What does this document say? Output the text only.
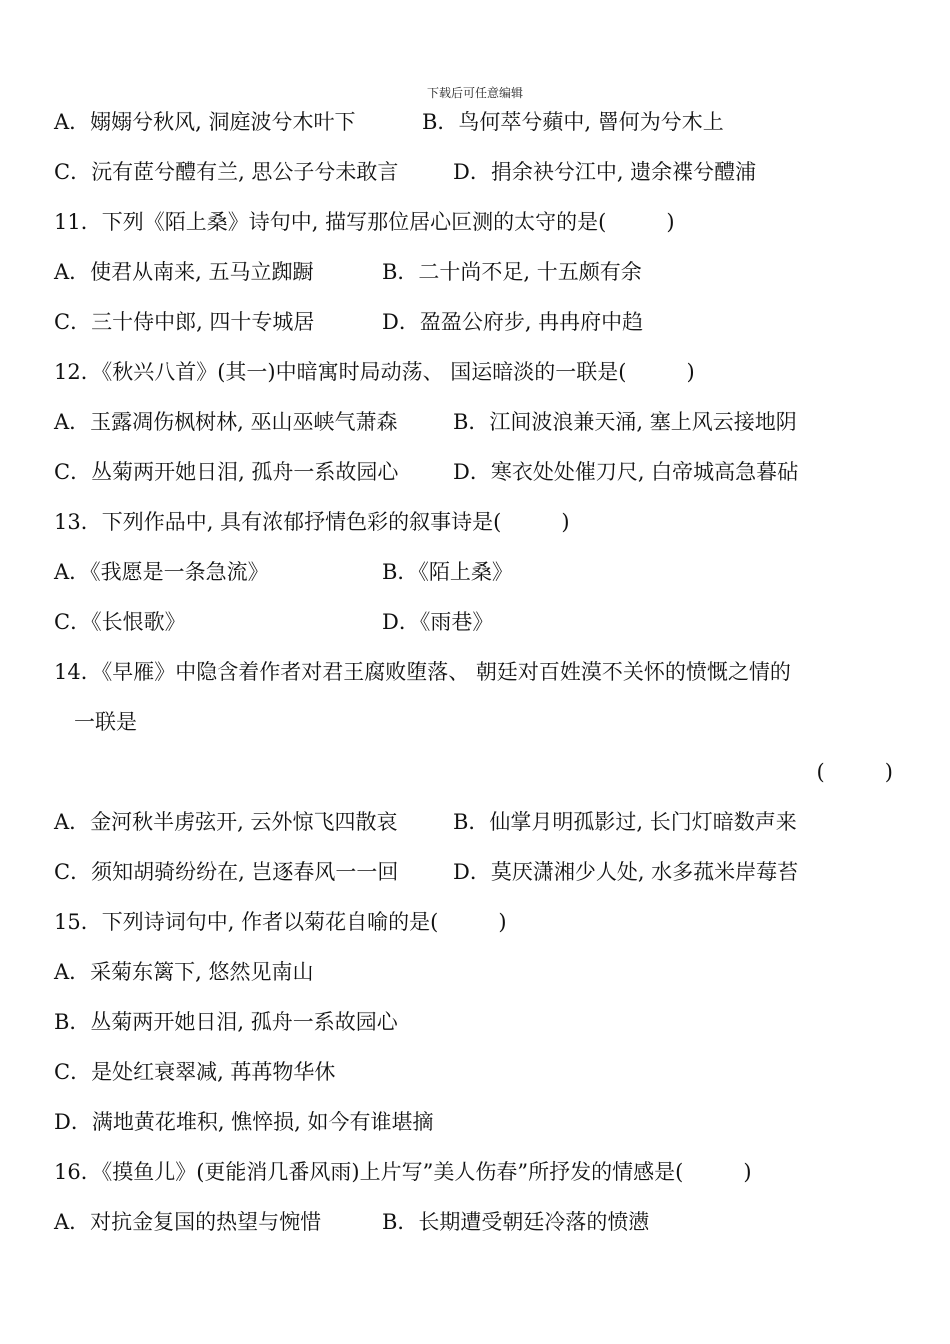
下载后可任意编辑
A．嫋嫋兮秋风, 洞庭波兮木叶下	B．鸟何萃兮蘋中, 罾何为兮木上
C．沅有茝兮醴有兰, 思公子兮未敢言	D．捐余袂兮江中, 遗余褋兮醴浦
11．下列《陌上桑》诗句中, 描写那位居心叵测的太守的是(         )
A．使君从南来, 五马立踟蹰	B．二十尚不足, 十五颇有余
C．三十侍中郎, 四十专城居	D．盈盈公府步, 冉冉府中趋
12．《秋兴八首》(其一)中暗寓时局动荡、 国运暗淡的一联是(         )
A．玉露凋伤枫树林, 巫山巫峡气萧森	B．江间波浪兼天涌, 塞上风云接地阴
C．丛菊两开她日泪, 孤舟一系故园心	D．寒衣处处催刀尺, 白帝城高急暮砧
13．下列作品中, 具有浓郁抒情色彩的叙事诗是(         )
A．《我愿是一条急流》	B．《陌上桑》
C．《长恨歌》	D．《雨巷》
14．《早雁》中隐含着作者对君王腐败堕落、 朝廷对百姓漠不关怀的愤慨之情的
一联是
(         )
A．金河秋半虏弦开, 云外惊飞四散哀	B．仙掌月明孤影过, 长门灯暗数声来
C．须知胡骑纷纷在, 岂逐春风一一回	D．莫厌潇湘少人处, 水多菰米岸莓苔
15．下列诗词句中, 作者以菊花自喻的是(         )
A．采菊东篱下, 悠然见南山
B．丛菊两开她日泪, 孤舟一系故园心
C．是处红衰翠减, 苒苒物华休
D．满地黄花堆积, 憔悴损, 如今有谁堪摘
16．《摸鱼儿》(更能消几番风雨)上片写”美人伤春”所抒发的情感是(         )
A．对抗金复国的热望与惋惜	B．长期遭受朝廷冷落的愤懑
